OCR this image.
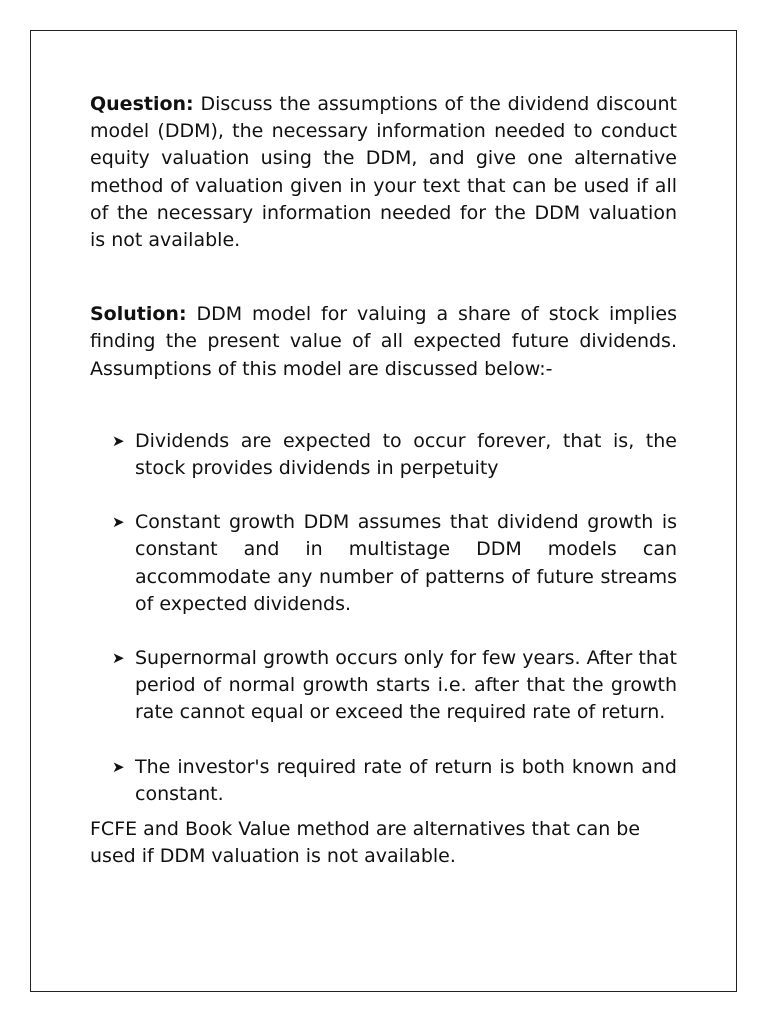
Question: Discuss the assumptions of the dividend discount model (DDM), the necessary information needed to conduct equity valuation using the DDM, and give one alternative method of valuation given in your text that can be used if all of the necessary information needed for the DDM valuation is not available.

Solution: DDM model for valuing a share of stock implies finding the present value of all expected future dividends. Assumptions of this model are discussed below:-

➤ Dividends are expected to occur forever, that is, the stock provides dividends in perpetuity
➤ Constant growth DDM assumes that dividend growth is constant and in multistage DDM models can accommodate any number of patterns of future streams of expected dividends.
➤ Supernormal growth occurs only for few years. After that period of normal growth starts i.e. after that the growth rate cannot equal or exceed the required rate of return.
➤ The investor's required rate of return is both known and constant.

FCFE and Book Value method are alternatives that can be used if DDM valuation is not available.
